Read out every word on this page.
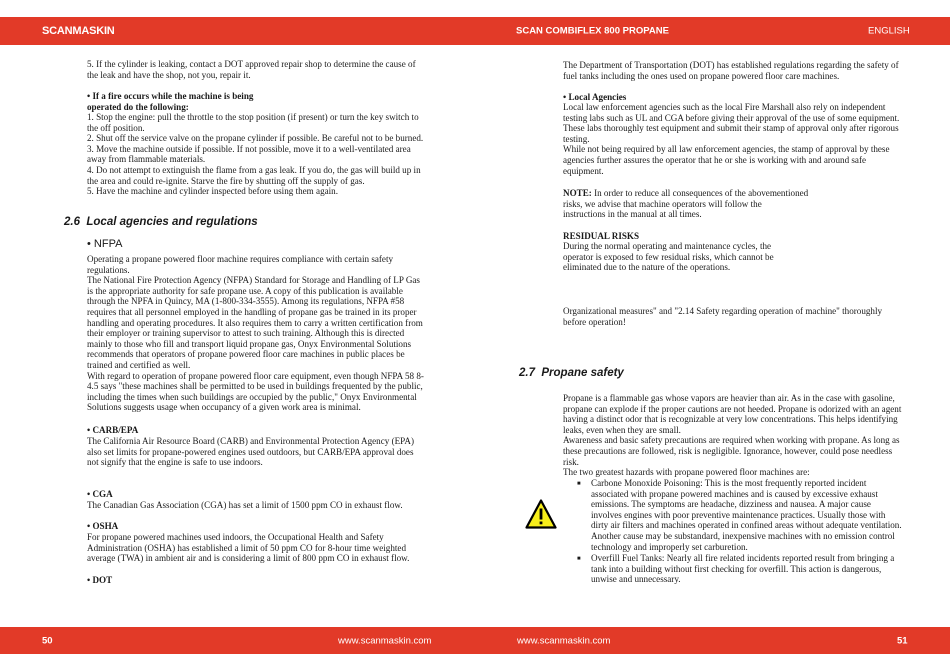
SCANMASKIN	SCAN COMBIFLEX 800 PROPANE	ENGLISH
5. If the cylinder is leaking, contact a DOT approved repair shop to determine the cause of
the leak and have the shop, not you, repair it.
• If a fire occurs while the machine is being
operated do the following:
1. Stop the engine: pull the throttle to the stop position (if present) or turn the key switch to
the off position.
2. Shut off the service valve on the propane cylinder if possible. Be careful not to be burned.
3. Move the machine outside if possible. If not possible, move it to a well-ventilated area
away from flammable materials.
4. Do not attempt to extinguish the flame from a gas leak. If you do, the gas will build up in
the area and could re-ignite. Starve the fire by shutting off the supply of gas.
5. Have the machine and cylinder inspected before using them again.
2.6  Local agencies and regulations
• NFPA
Operating a propane powered floor machine requires compliance with certain safety
regulations.
The National Fire Protection Agency (NFPA) Standard for Storage and Handling of LP Gas
is the appropriate authority for safe propane use. A copy of this publication is available
through the NPFA in Quincy, MA (1-800-334-3555). Among its regulations, NFPA #58
requires that all personnel employed in the handling of propane gas be trained in its proper
handling and operating procedures. It also requires them to carry a written certification from
their employer or training supervisor to attest to such training. Although this is directed
mainly to those who fill and transport liquid propane gas, Onyx Environmental Solutions
recommends that operators of propane powered floor care machines in public places be
trained and certified as well.
With regard to operation of propane powered floor care equipment, even though NFPA 58 8-
4.5 says "these machines shall be permitted to be used in buildings frequented by the public,
including the times when such buildings are occupied by the public," Onyx Environmental
Solutions suggests usage when occupancy of a given work area is minimal.
• CARB/EPA
The California Air Resource Board (CARB) and Environmental Protection Agency (EPA)
also set limits for propane-powered engines used outdoors, but CARB/EPA approval does
not signify that the engine is safe to use indoors.
• CGA
The Canadian Gas Association (CGA) has set a limit of 1500 ppm CO in exhaust flow.
• OSHA
For propane powered machines used indoors, the Occupational Health and Safety
Administration (OSHA) has established a limit of 50 ppm CO for 8-hour time weighted
average (TWA) in ambient air and is considering a limit of 800 ppm CO in exhaust flow.
• DOT
The Department of Transportation (DOT) has established regulations regarding the safety of
fuel tanks including the ones used on propane powered floor care machines.
• Local Agencies
Local law enforcement agencies such as the local Fire Marshall also rely on independent
testing labs such as UL and CGA before giving their approval of the use of some equipment.
These labs thoroughly test equipment and submit their stamp of approval only after rigorous
testing.
While not being required by all law enforcement agencies, the stamp of approval by these
agencies further assures the operator that he or she is working with and around safe
equipment.
NOTE: In order to reduce all consequences of the abovementioned
risks, we advise that machine operators will follow the
instructions in the manual at all times.
RESIDUAL RISKS
During the normal operating and maintenance cycles, the
operator is exposed to few residual risks, which cannot be
eliminated due to the nature of the operations.
Organizational measures" and "2.14 Safety regarding operation of machine" thoroughly
before operation!
2.7  Propane safety
Propane is a flammable gas whose vapors are heavier than air. As in the case with gasoline,
propane can explode if the proper cautions are not heeded. Propane is odorized with an agent
having a distinct odor that is recognizable at very low concentrations. This helps identifying
leaks, even when they are small.
Awareness and basic safety precautions are required when working with propane. As long as
these precautions are followed, risk is negligible. Ignorance, however, could pose needless
risk.
The two greatest hazards with propane powered floor machines are:
■ Carbone Monoxide Poisoning: This is the most frequently reported incident
associated with propane powered machines and is caused by excessive exhaust
emissions. The symptoms are headache, dizziness and nausea. A major cause
involves engines with poor preventive maintenance practices. Usually those with
dirty air filters and machines operated in confined areas without adequate ventilation.
Another cause may be substandard, inexpensive machines with no emission control
technology and improperly set carburetion.
■ Overfill Fuel Tanks: Nearly all fire related incidents reported result from bringing a
tank into a building without first checking for overfill. This action is dangerous,
unwise and unnecessary.
50	www.scanmaskin.com	www.scanmaskin.com	51
